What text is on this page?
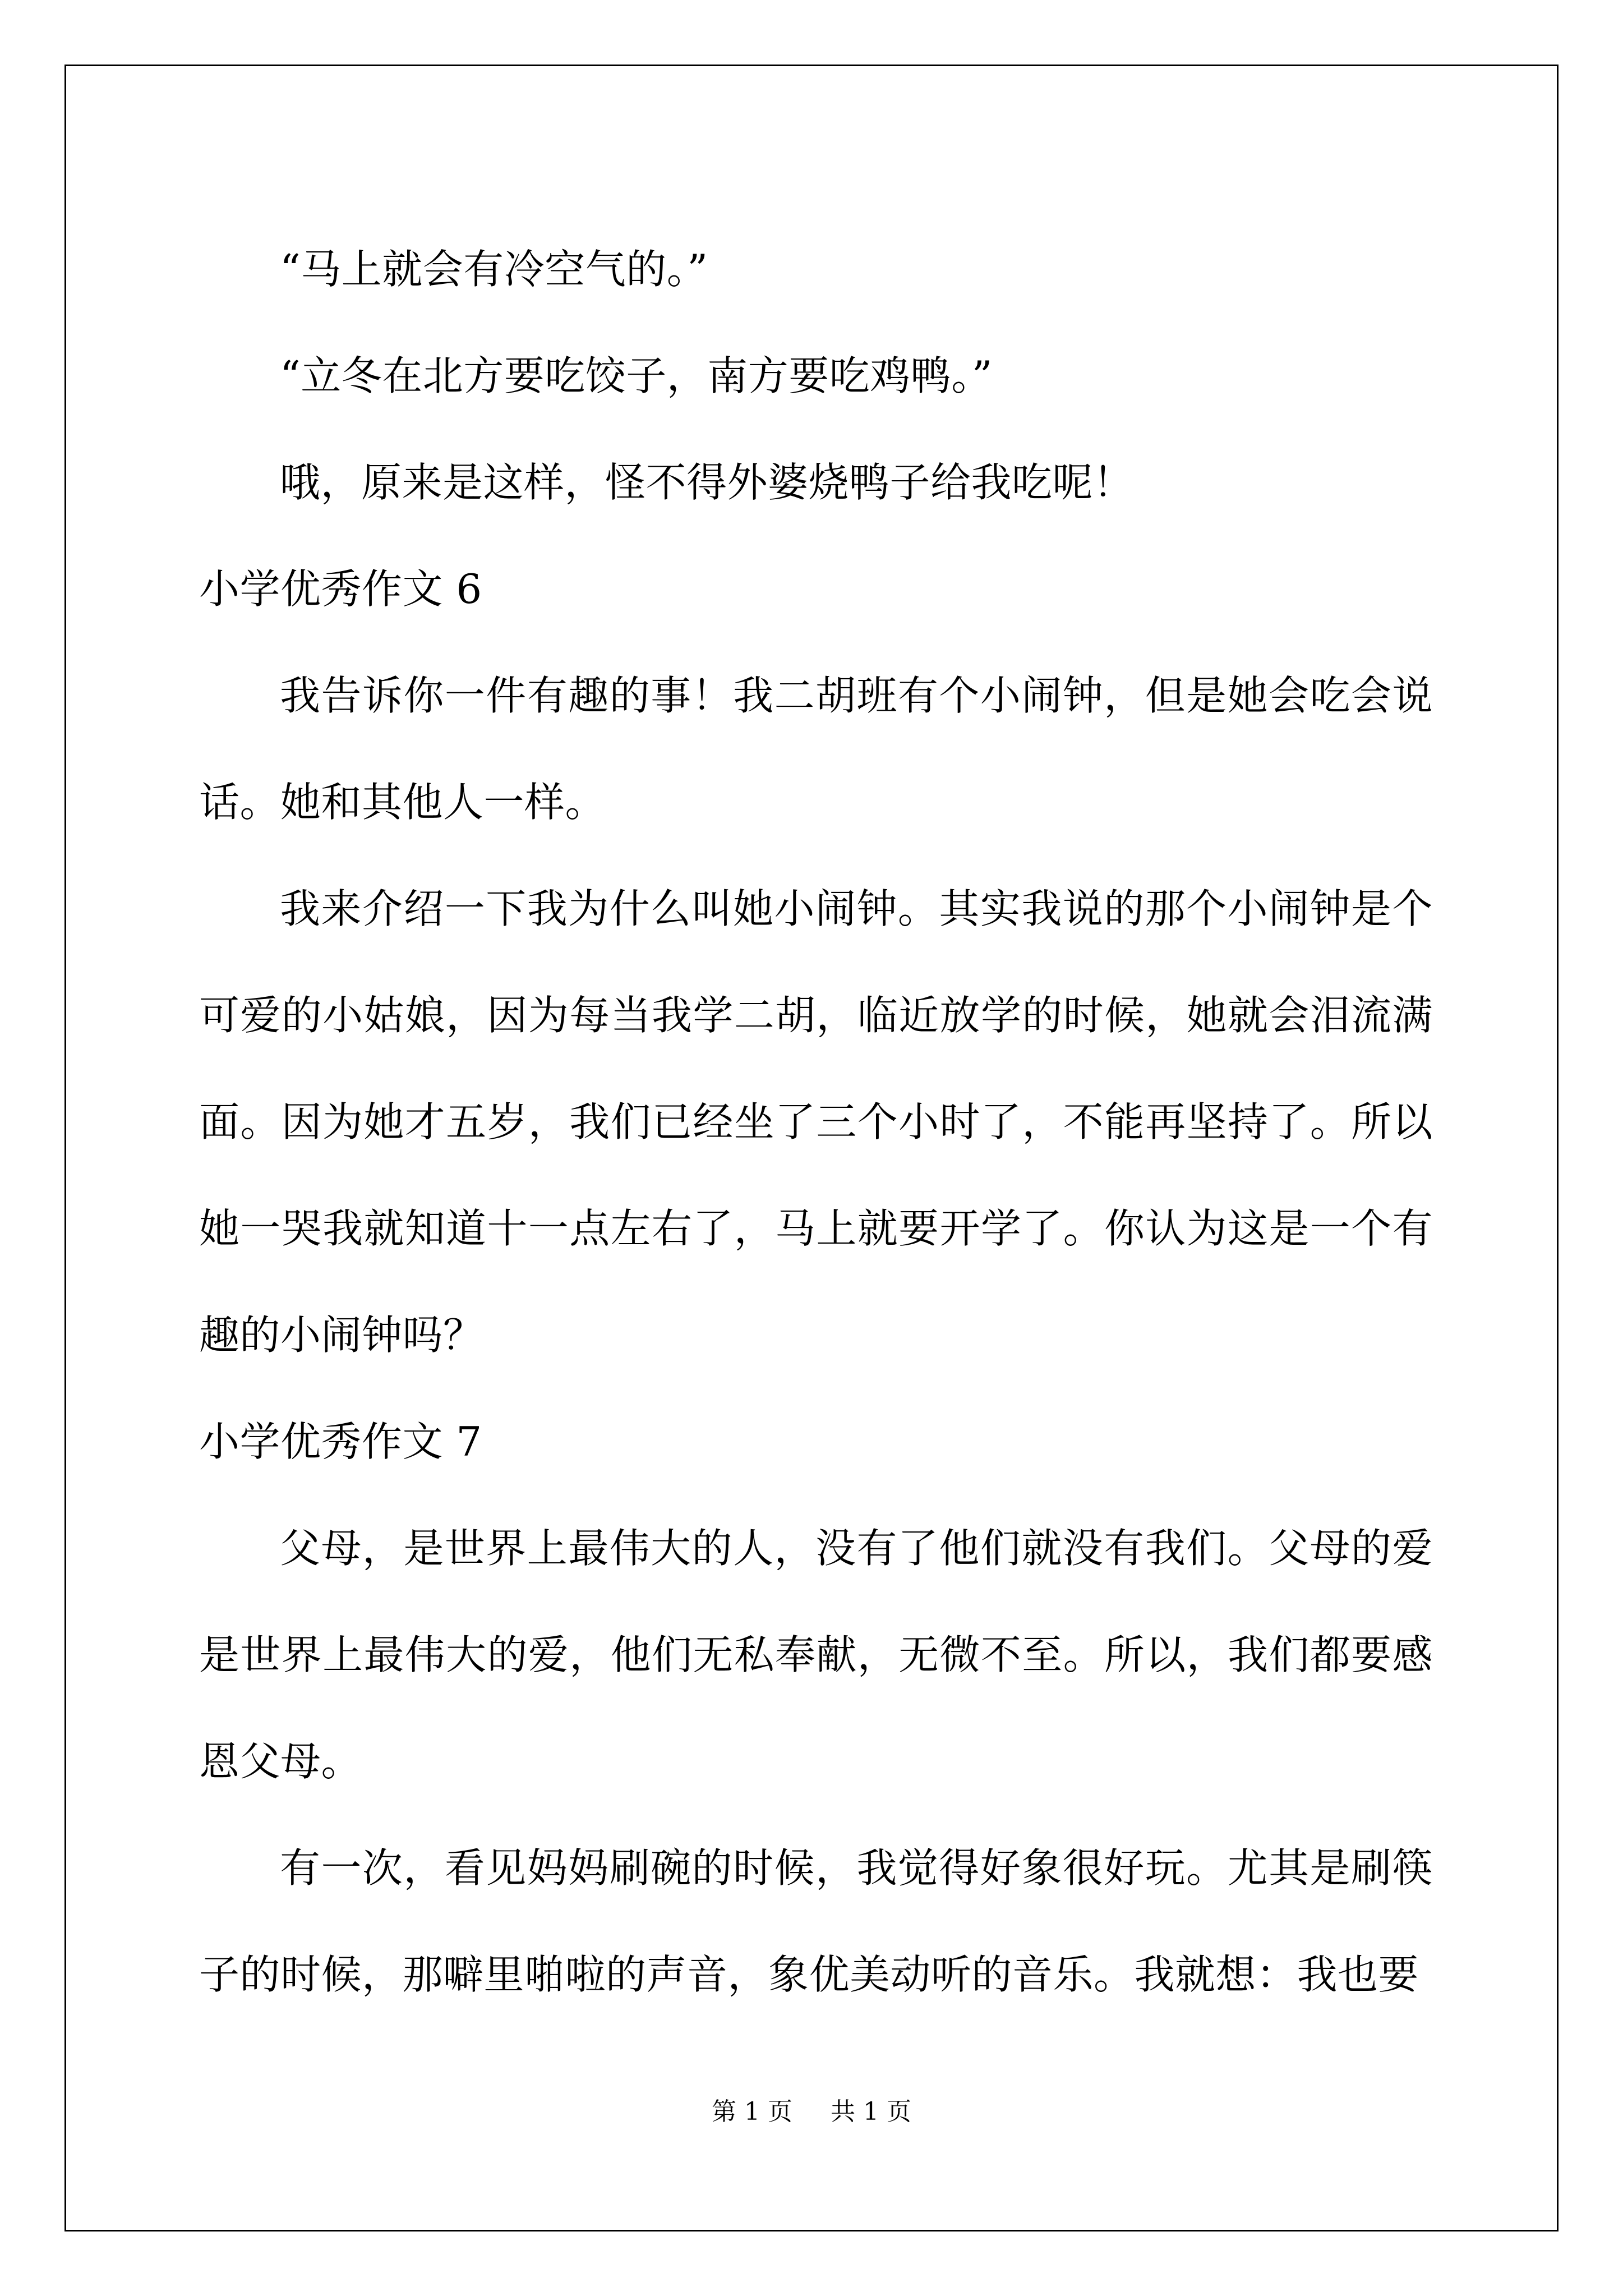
“马上就会有冷空气的。”

“立冬在北方要吃饺子，南方要吃鸡鸭。”

哦，原来是这样，怪不得外婆烧鸭子给我吃呢！

小学优秀作文 6

我告诉你一件有趣的事！我二胡班有个小闹钟，但是她会吃会说话。她和其他人一样。

我来介绍一下我为什么叫她小闹钟。其实我说的那个小闹钟是个可爱的小姑娘，因为每当我学二胡，临近放学的时候，她就会泪流满面。因为她才五岁，我们已经坐了三个小时了，不能再坚持了。所以她一哭我就知道十一点左右了，马上就要开学了。你认为这是一个有趣的小闹钟吗？

小学优秀作文 7

父母，是世界上最伟大的人，没有了他们就没有我们。父母的爱是世界上最伟大的爱，他们无私奉献，无微不至。所以，我们都要感恩父母。

有一次，看见妈妈刷碗的时候，我觉得好象很好玩。尤其是刷筷子的时候，那噼里啪啦的声音，象优美动听的音乐。我就想：我也要

第 1 页 共 1 页
